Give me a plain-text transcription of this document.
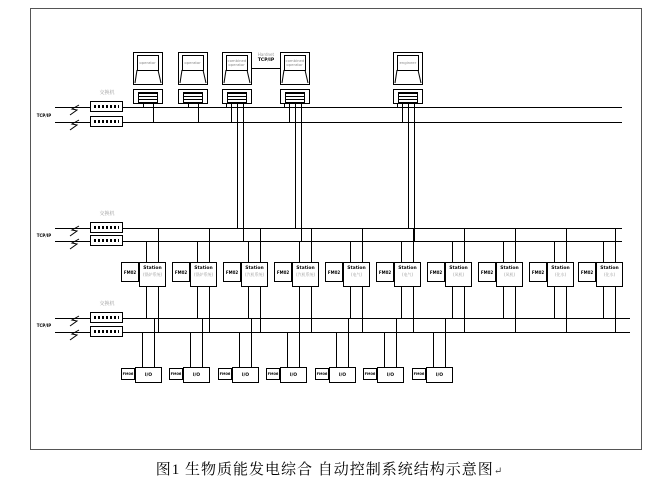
交换机
TCP/IP
交换机
TCP/IP
交换机
TCP/IP
operator	operator	combined
operator
combined
operator	engineer
Hardnet
TCP/IP
FM02
Station
(锅炉系统)	FM02
Station
(锅炉系统)	FM02
Station
(汽机系统)	FM02
Station
(汽机系统)	FM02
Station
(电气)	FM02
Station
(电气)	FM02
Station
(风机)	FM02
Station
(风机)	FM02
Station
(化水)	FM02
Station
(化水)
FM06	I/O	FM06	I/O	FM06	I/O	FM06	I/O	FM06	I/O	FM06	I/O	FM06	I/O
图1 生物质能发电综合 自动控制系统结构示意图↵
